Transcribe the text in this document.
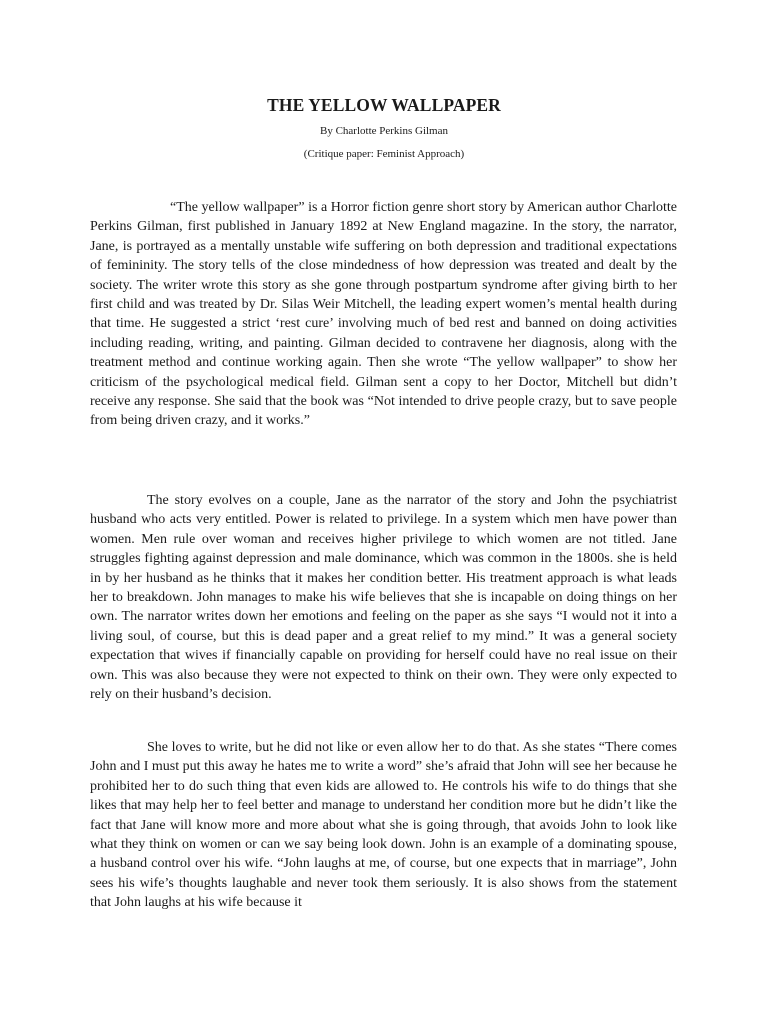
THE YELLOW WALLPAPER

By Charlotte Perkins Gilman

(Critique paper: Feminist Approach)

“The yellow wallpaper” is a Horror fiction genre short story by American author Charlotte Perkins Gilman, first published in January 1892 at New England magazine. In the story, the narrator, Jane, is portrayed as a mentally unstable wife suffering on both depression and traditional expectations of femininity. The story tells of the close mindedness of how depression was treated and dealt by the society. The writer wrote this story as she gone through postpartum syndrome after giving birth to her first child and was treated by Dr. Silas Weir Mitchell, the leading expert women’s mental health during that time. He suggested a strict ‘rest cure’ involving much of bed rest and banned on doing activities including reading, writing, and painting. Gilman decided to contravene her diagnosis, along with the treatment method and continue working again. Then she wrote “The yellow wallpaper” to show her criticism of the psychological medical field. Gilman sent a copy to her Doctor, Mitchell but didn’t receive any response. She said that the book was “Not intended to drive people crazy, but to save people from being driven crazy, and it works.”

The story evolves on a couple, Jane as the narrator of the story and John the psychiatrist husband who acts very entitled. Power is related to privilege. In a system which men have power than women. Men rule over woman and receives higher privilege to which women are not titled. Jane struggles fighting against depression and male dominance, which was common in the 1800s. she is held in by her husband as he thinks that it makes her condition better. His treatment approach is what leads her to breakdown. John manages to make his wife believes that she is incapable on doing things on her own. The narrator writes down her emotions and feeling on the paper as she says “I would not it into a living soul, of course, but this is dead paper and a great relief to my mind.” It was a general society expectation that wives if financially capable on providing for herself could have no real issue on their own. This was also because they were not expected to think on their own. They were only expected to rely on their husband’s decision.

She loves to write, but he did not like or even allow her to do that. As she states “There comes John and I must put this away he hates me to write a word” she’s afraid that John will see her because he prohibited her to do such thing that even kids are allowed to. He controls his wife to do things that she likes that may help her to feel better and manage to understand her condition more but he didn’t like the fact that Jane will know more and more about what she is going through, that avoids John to look like what they think on women or can we say being look down. John is an example of a dominating spouse, a husband control over his wife. “John laughs at me, of course, but one expects that in marriage”, John sees his wife’s thoughts laughable and never took them seriously. It is also shows from the statement that John laughs at his wife because it
